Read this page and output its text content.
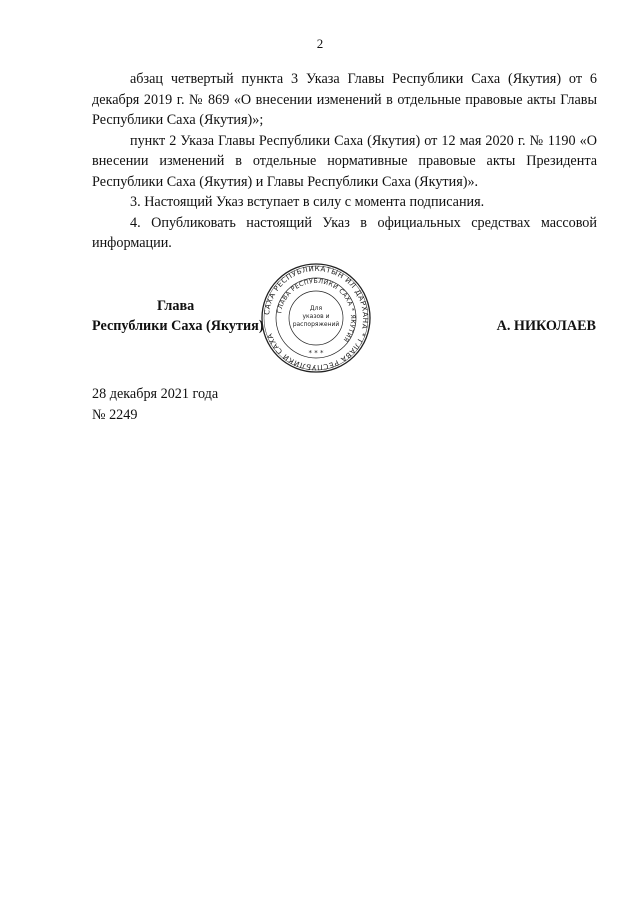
2

абзац четвертый пункта 3 Указа Главы Республики Саха (Якутия) от 6 декабря 2019 г. № 869 «О внесении изменений в отдельные правовые акты Главы Республики Саха (Якутия)»;

пункт 2 Указа Главы Республики Саха (Якутия) от 12 мая 2020 г. № 1190 «О внесении изменений в отдельные нормативные правовые акты Президента Республики Саха (Якутия) и Главы Республики Саха (Якутия)».

3. Настоящий Указ вступает в силу с момента подписания.

4. Опубликовать настоящий Указ в официальных средствах массовой информации.

Глава
Республики Саха (Якутия)	А. НИКОЛАЕВ
САХА РЕСПУБЛИКАТЫН ИЛ ДАРХАНА * ГЛАВА РЕСПУБЛИКИ САХА
ГЛАВА РЕСПУБЛИКИ САХА * ЯКУТИЯ
Для
указов и
распоряжений
* * *
28 декабря 2021 года
№ 2249
